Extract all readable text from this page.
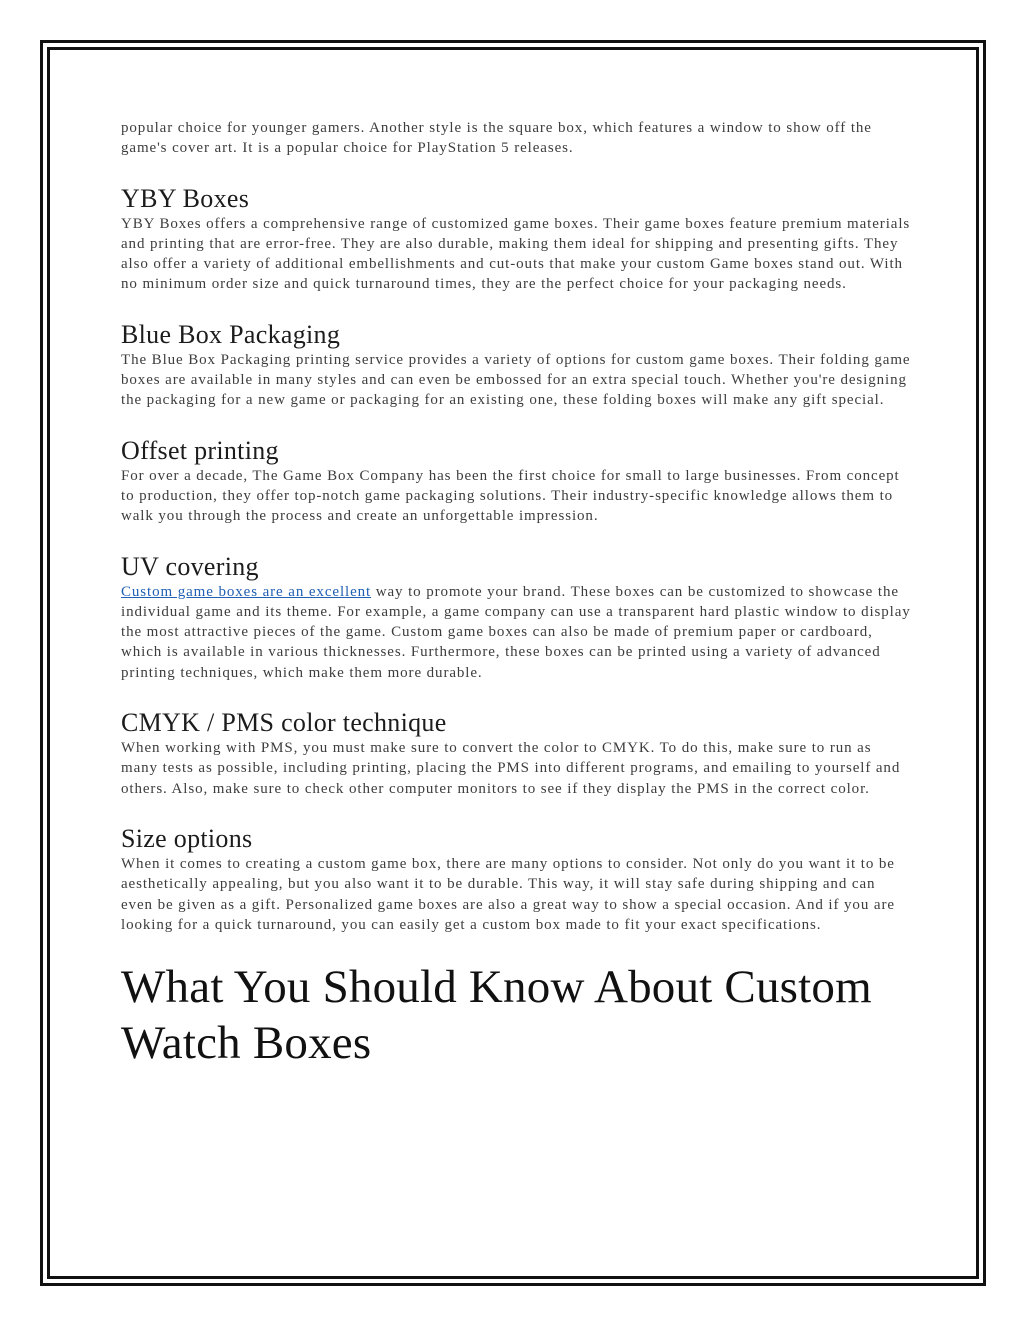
popular choice for younger gamers. Another style is the square box, which features a window to show off the game's cover art. It is a popular choice for PlayStation 5 releases.

YBY Boxes

YBY Boxes offers a comprehensive range of customized game boxes. Their game boxes feature premium materials and printing that are error-free. They are also durable, making them ideal for shipping and presenting gifts. They also offer a variety of additional embellishments and cut-outs that make your custom Game boxes stand out. With no minimum order size and quick turnaround times, they are the perfect choice for your packaging needs.

Blue Box Packaging

The Blue Box Packaging printing service provides a variety of options for custom game boxes. Their folding game boxes are available in many styles and can even be embossed for an extra special touch. Whether you're designing the packaging for a new game or packaging for an existing one, these folding boxes will make any gift special.

Offset printing

For over a decade, The Game Box Company has been the first choice for small to large businesses. From concept to production, they offer top-notch game packaging solutions. Their industry-specific knowledge allows them to walk you through the process and create an unforgettable impression.

UV covering

Custom game boxes are an excellent way to promote your brand. These boxes can be customized to showcase the individual game and its theme. For example, a game company can use a transparent hard plastic window to display the most attractive pieces of the game. Custom game boxes can also be made of premium paper or cardboard, which is available in various thicknesses. Furthermore, these boxes can be printed using a variety of advanced printing techniques, which make them more durable.

CMYK / PMS color technique

When working with PMS, you must make sure to convert the color to CMYK. To do this, make sure to run as many tests as possible, including printing, placing the PMS into different programs, and emailing to yourself and others. Also, make sure to check other computer monitors to see if they display the PMS in the correct color.

Size options

When it comes to creating a custom game box, there are many options to consider. Not only do you want it to be aesthetically appealing, but you also want it to be durable. This way, it will stay safe during shipping and can even be given as a gift. Personalized game boxes are also a great way to show a special occasion. And if you are looking for a quick turnaround, you can easily get a custom box made to fit your exact specifications.

What You Should Know About Custom Watch Boxes
